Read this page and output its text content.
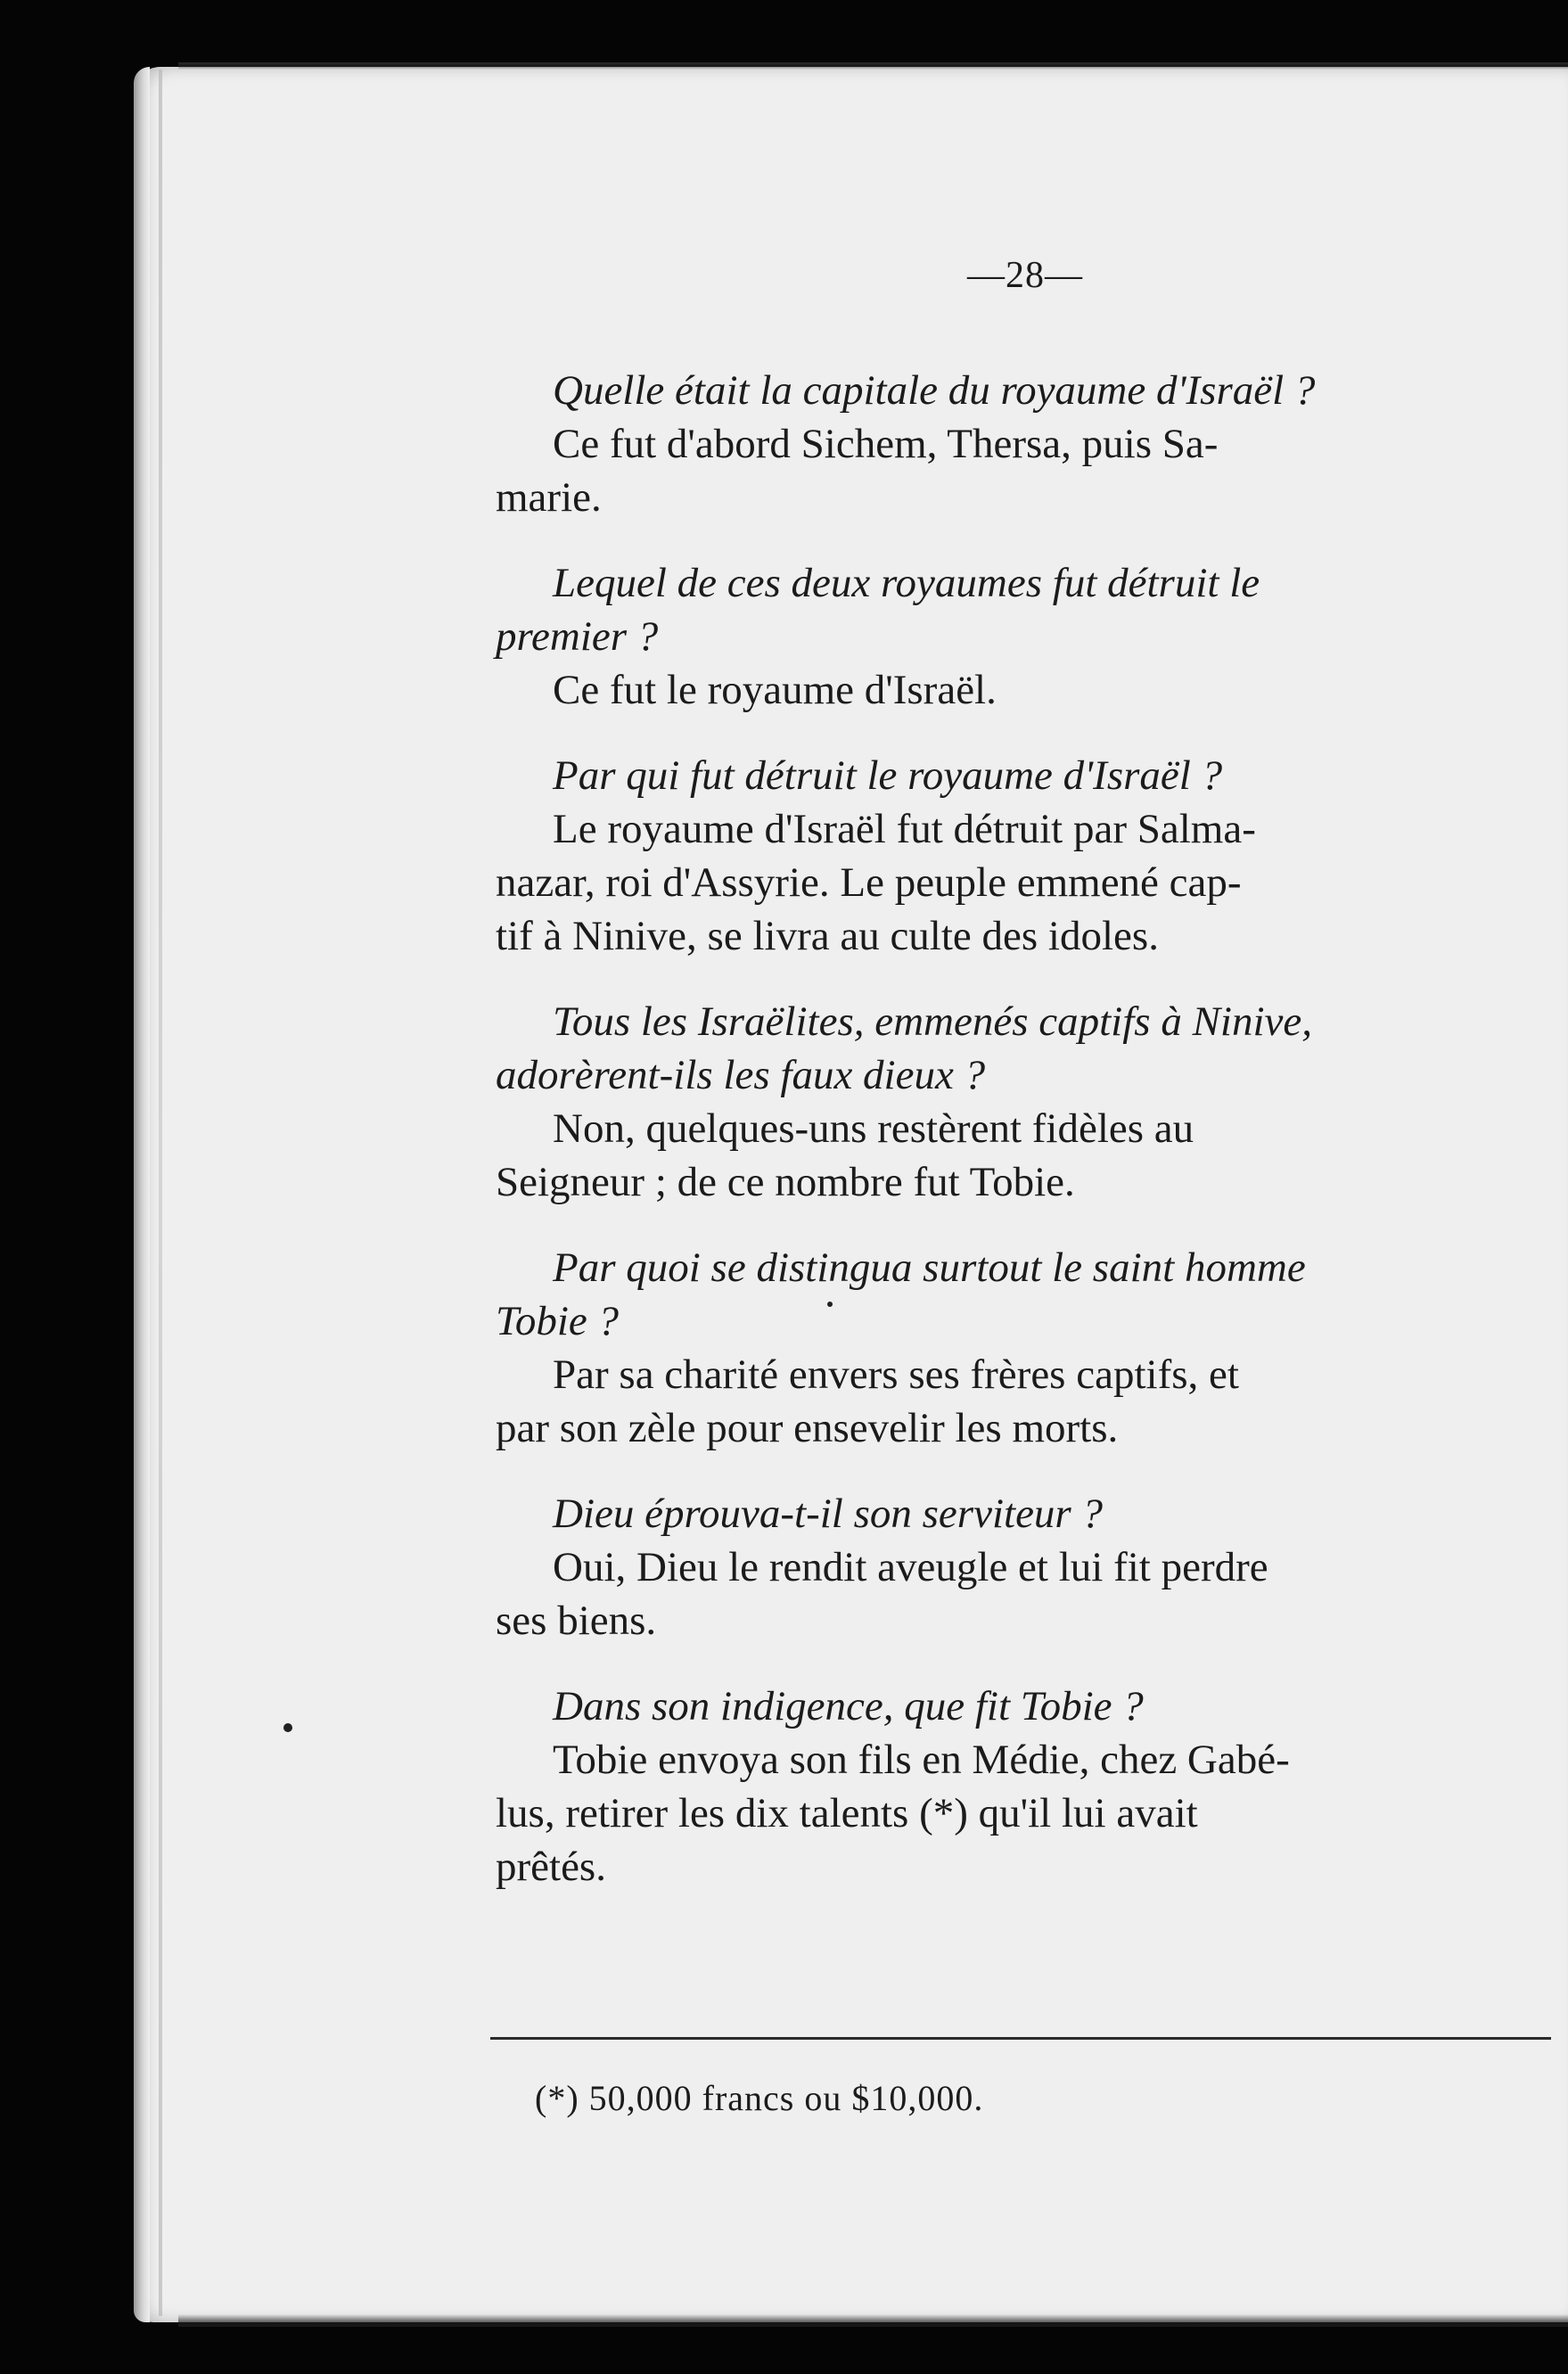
—28—

Quelle était la capitale du royaume d'Israël ?

Ce fut d'abord Sichem, Thersa, puis Sa-
marie.

Lequel de ces deux royaumes fut détruit le
premier ?

Ce fut le royaume d'Israël.

Par qui fut détruit le royaume d'Israël ?

Le royaume d'Israël fut détruit par Salma-
nazar, roi d'Assyrie. Le peuple emmené cap-
tif à Ninive, se livra au culte des idoles.

Tous les Israëlites, emmenés captifs à Ninive,
adorèrent-ils les faux dieux ?

Non, quelques-uns restèrent fidèles au
Seigneur ; de ce nombre fut Tobie.

Par quoi se distingua surtout le saint homme
Tobie ?

Par sa charité envers ses frères captifs, et
par son zèle pour ensevelir les morts.

Dieu éprouva-t-il son serviteur ?

Oui, Dieu le rendit aveugle et lui fit perdre
ses biens.

Dans son indigence, que fit Tobie ?

Tobie envoya son fils en Médie, chez Gabé-
lus, retirer les dix talents (*) qu'il lui avait
prêtés.

(*) 50,000 francs ou $10,000.
